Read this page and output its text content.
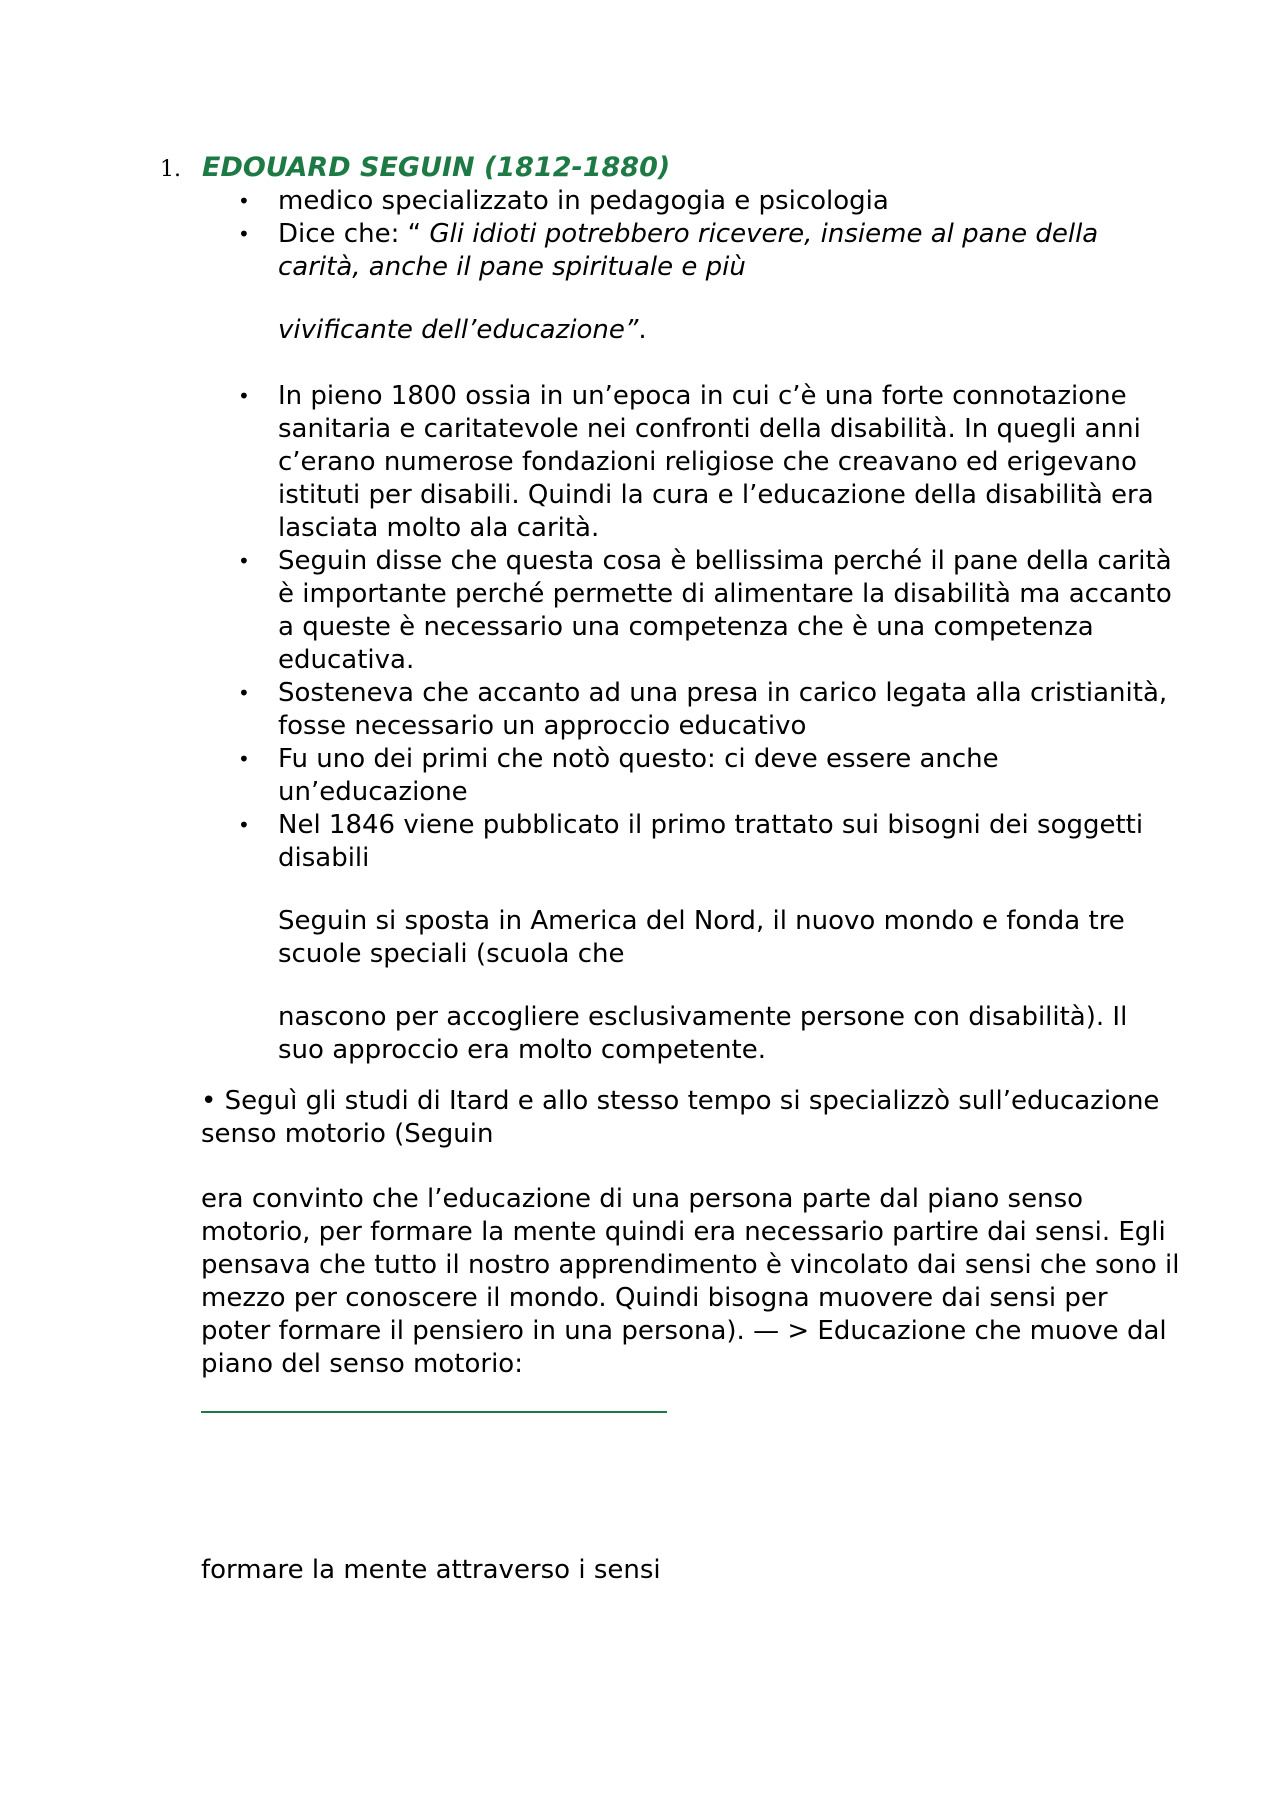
1. EDOUARD SEGUIN (1812-1880)
•	medico specializzato in pedagogia e psicologia
•	Dice che: “ Gli idioti potrebbero ricevere, insieme al pane della carità, anche il pane spirituale e più
vivificante dell’educazione”.
•	In pieno 1800 ossia in un’epoca in cui c’è una forte connotazione sanitaria e caritatevole nei confronti della disabilità. In quegli anni c’erano numerose fondazioni religiose che creavano ed erigevano istituti per disabili. Quindi la cura e l’educazione della disabilità era lasciata molto ala carità.
•	Seguin disse che questa cosa è bellissima perché il pane della carità è importante perché permette di alimentare la disabilità ma accanto a queste è necessario una competenza che è una competenza educativa.
•	Sosteneva che accanto ad una presa in carico legata alla cristianità, fosse necessario un approccio educativo
•	Fu uno dei primi che notò questo: ci deve essere anche un’educazione
•	Nel 1846 viene pubblicato il primo trattato sui bisogni dei soggetti disabili
Seguin si sposta in America del Nord, il nuovo mondo e fonda tre scuole speciali (scuola che
nascono per accogliere esclusivamente persone con disabilità). Il suo approccio era molto competente.
• Seguì gli studi di Itard e allo stesso tempo si specializzò sull’educazione senso motorio (Seguin
era convinto che l’educazione di una persona parte dal piano senso motorio, per formare la mente quindi era necessario partire dai sensi. Egli pensava che tutto il nostro apprendimento è vincolato dai sensi che sono il mezzo per conoscere il mondo. Quindi bisogna muovere dai sensi per poter formare il pensiero in una persona). — > Educazione che muove dal piano del senso motorio:
formare la mente attraverso i sensi
